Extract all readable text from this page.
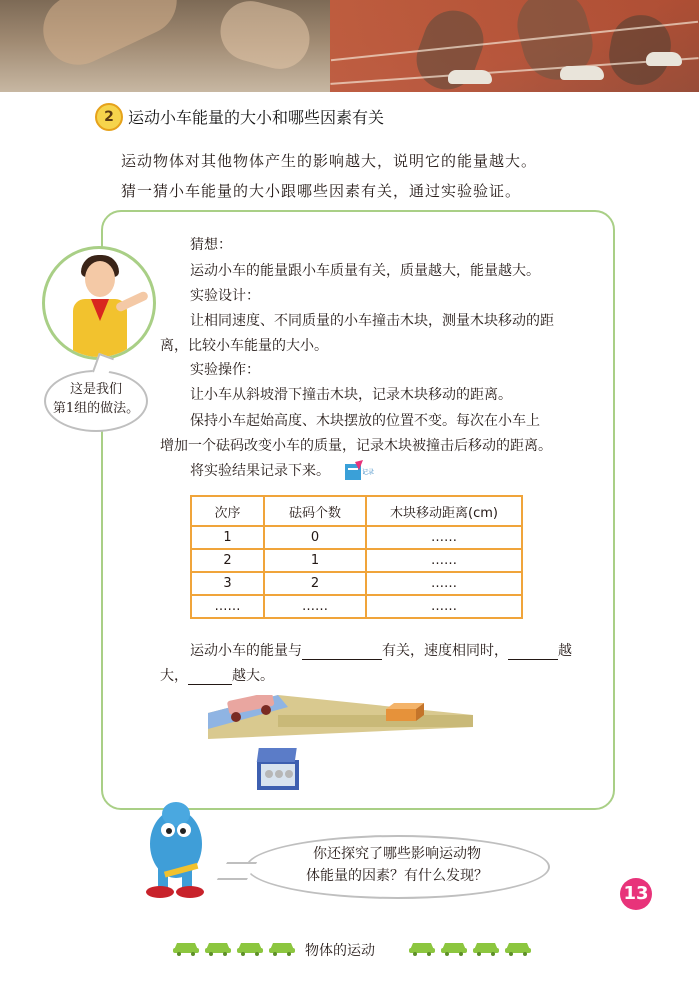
2 运动小车能量的大小和哪些因素有关
运动物体对其他物体产生的影响越大，说明它的能量越大。
猜一猜小车能量的大小跟哪些因素有关，通过实验验证。
这是我们
第1组的做法。
猜想：
运动小车的能量跟小车质量有关，质量越大，能量越大。
实验设计：
让相同速度、不同质量的小车撞击木块，测量木块移动的距
离，比较小车能量的大小。
实验操作：
让小车从斜坡滑下撞击木块，记录木块移动的距离。
保持小车起始高度、木块摆放的位置不变。每次在小车上
增加一个砝码改变小车的质量，记录木块被撞击后移动的距离。
将实验结果记录下来。	记录
次序	砝码个数	木块移动距离(cm)
1	0	……
2	1	……
3	2	……
……	……	……
运动小车的能量与	有关，速度相同时，	越
大，	越大。
你还探究了哪些影响运动物
体能量的因素？有什么发现？
13
物体的运动
